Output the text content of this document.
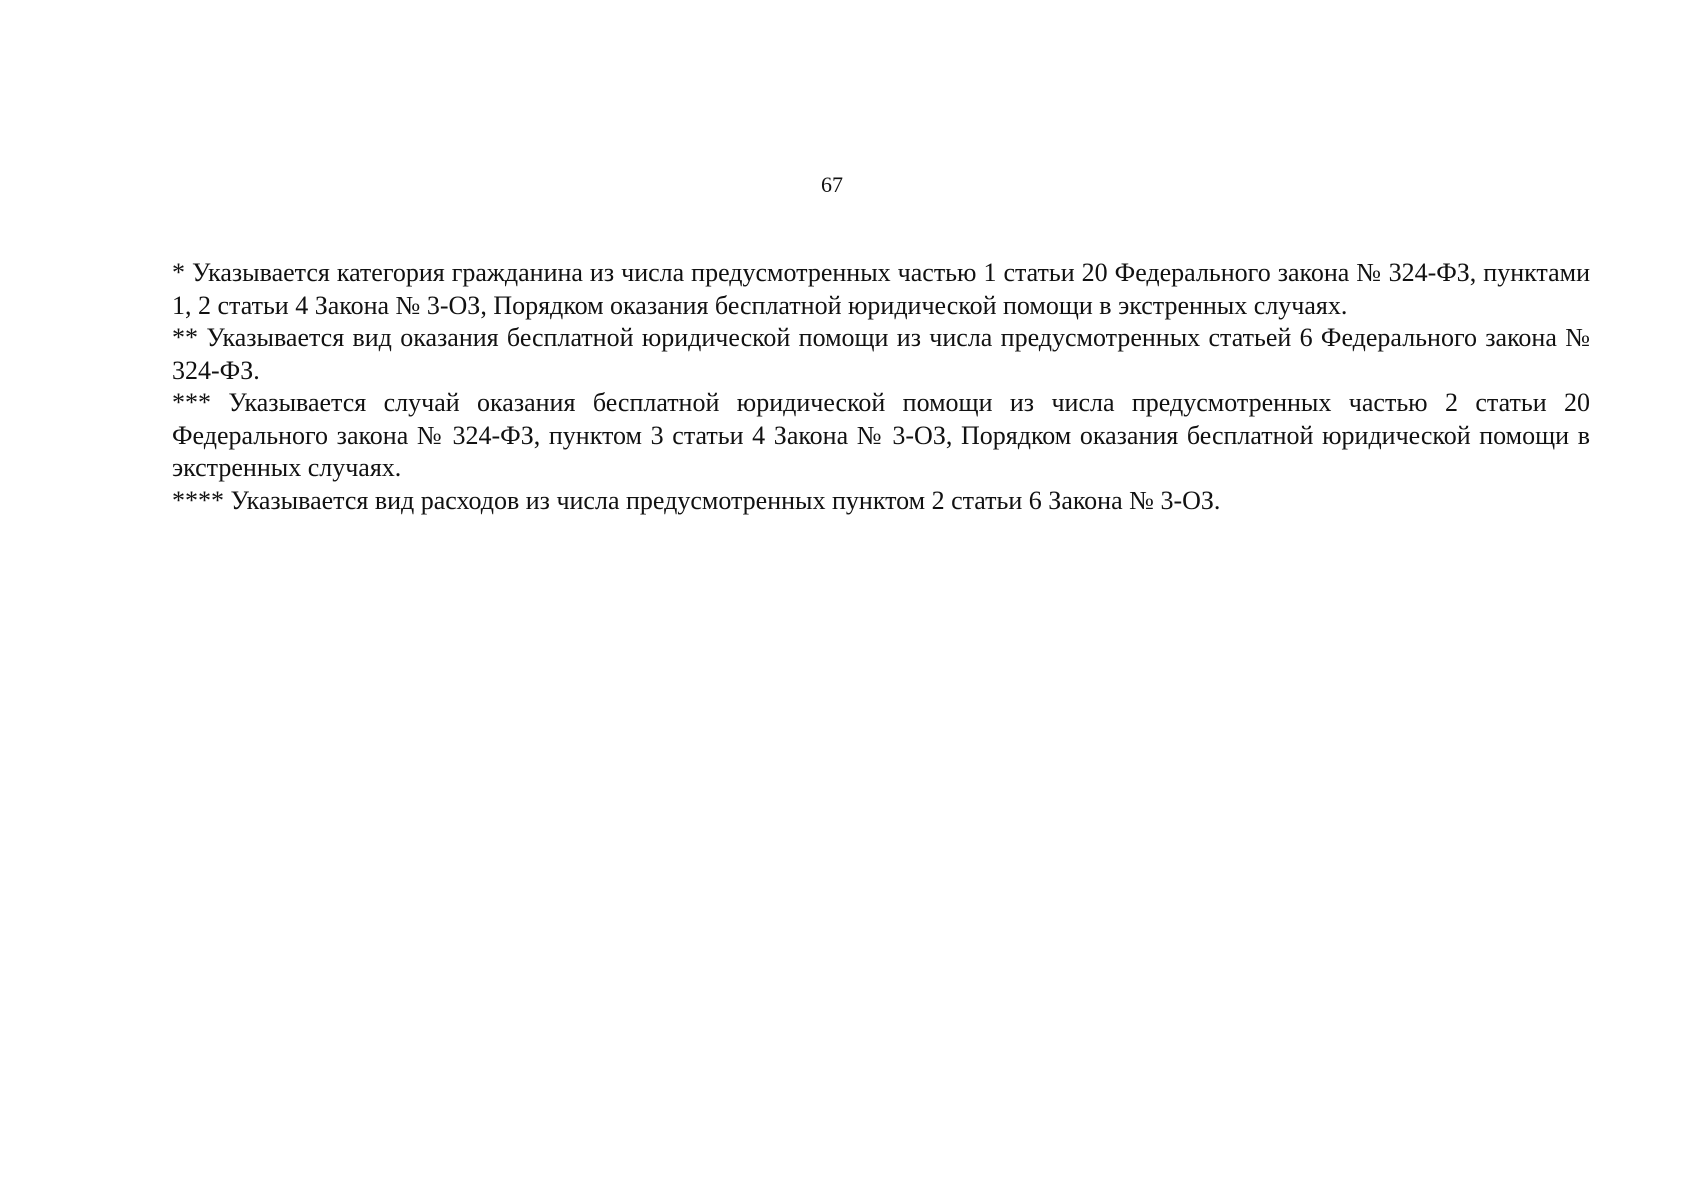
67

* Указывается категория гражданина из числа предусмотренных частью 1 статьи 20 Федерального закона № 324-ФЗ, пунктами 1, 2 статьи 4 Закона № 3-ОЗ, Порядком оказания бесплатной юридической помощи в экстренных случаях.

** Указывается вид оказания бесплатной юридической помощи из числа предусмотренных статьей 6 Федерального закона № 324-ФЗ.

*** Указывается случай оказания бесплатной юридической помощи из числа предусмотренных частью 2 статьи 20 Федерального закона № 324-ФЗ, пунктом 3 статьи 4 Закона № 3-ОЗ, Порядком оказания бесплатной юридической помощи в экстренных случаях.

**** Указывается вид расходов из числа предусмотренных пунктом 2 статьи 6 Закона № 3-ОЗ.
